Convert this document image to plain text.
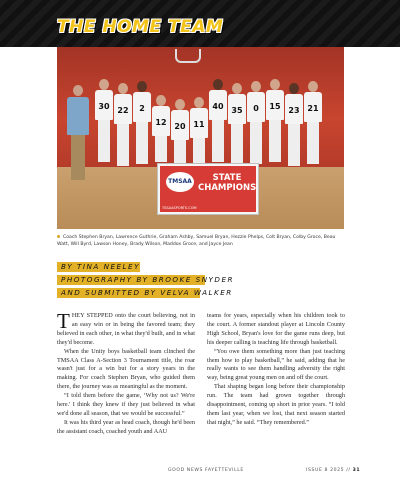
THE HOME TEAM
30 22	2
12 20 11
40 35	0	15 23 21
TMSAA	STATE
CHAMPIONS
TSSAASPORTS.COM
Coach Stephen Bryan, Lawrence Guthrie, Graham Ashby, Samuel Bryan, Hezzie Phelps, Colt Bryan, Colby Groce, Beau Watt, Will Byrd, Lawson Honey, Brady Wilson, Maddox Groce, and Jayce Jean
BY TINA NEELEY
PHOTOGRAPHY BY BROOKE SNYDER
AND SUBMITTED BY VELVA WALKER

THEY STEPPED onto the court believing, not in an easy win or in being the favored team; they believed in each other, in what they'd built, and in what they'd become.

When the Unity boys basketball team clinched the TMSAA Class A-Section 3 Tournament title, the roar wasn't just for a win but for a story years in the making. For coach Stephen Bryan, who guided them there, the journey was as meaningful as the moment.

“I told them before the game, ‘Why not us? We're here.' I think they knew if they just believed in what we'd done all season, that we would be successful.”

It was his third year as head coach, though he'd been the assistant coach, coached youth and AAU

teams for years, especially when his children took to the court. A former standout player at Lincoln County High School, Bryan's love for the game runs deep, but his deeper calling is teaching life through basketball.

“You owe them something more than just teaching them how to play basketball,” he said, adding that he really wants to see them handling adversity the right way, being great young men on and off the court.

That shaping began long before their championship run. The team had grown together through disappointment, coming up short in prior years. “I told them last year, when we lost, that next season started that night,” he said. “They remembered.”

GOOD NEWS FAYETTEVILLE	ISSUE 8 2025 // 31
